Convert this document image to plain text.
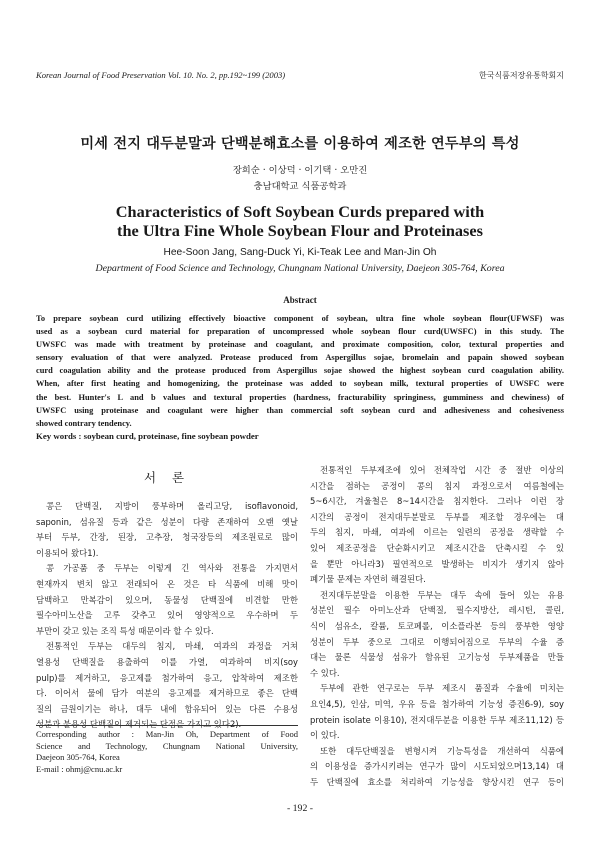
Korean Journal of Food Preservation Vol. 10. No. 2, pp.192~199 (2003)	한국식품저장유통학회지
미세 전지 대두분말과 단백분해효소를 이용하여 제조한 연두부의 특성
장희순 · 이상덕 · 이기택 · 오만진
충남대학교 식품공학과
Characteristics of Soft Soybean Curds prepared with
the Ultra Fine Whole Soybean Flour and Proteinases
Hee-Soon Jang, Sang-Duck Yi, Ki-Teak Lee and Man-Jin Oh
Department of Food Science and Technology, Chungnam National University, Daejeon 305-764, Korea
Abstract
To prepare soybean curd utilizing effectively bioactive component of soybean, ultra fine whole soybean flour(UFWSF) was
used as a soybean curd material for preparation of uncompressed whole soybean flour curd(UWSFC) in this study. The
UWSFC was made with treatment by proteinase and coagulant, and proximate composition, color, textural properties and
sensory evaluation of that were analyzed. Protease produced from Aspergillus sojae, bromelain and papain showed soybean
curd coagulation ability and the protease produced from Aspergillus sojae showed the highest soybean curd coagulation ability.
When, after first heating and homogenizing, the proteinase was added to soybean milk, textural properties of UWSFC were
the best. Hunter's L and b values and textural properties (hardness, fracturability springiness, gumminess and chewiness) of
UWSFC using proteinase and coagulant were higher than commercial soft soybean curd and adhesiveness and cohesiveness
showed contrary tendency.
Key words : soybean curd, proteinase, fine soybean powder
서 론
콩은 단백질, 지방이 풍부하며 올리고당, isoflavonoid,
saponin, 섬유질 등과 같은 성분이 다량 존재하여 오랜 옛날
부터 두부, 간장, 된장, 고추장, 청국장등의 제조원료로 많이
이용되어 왔다1).
콩 가공품 중 두부는 이렇게 긴 역사와 전통을 가지면서
현재까지 변치 않고 전래되어 온 것은 타 식품에 비해 맛이
담백하고 만복감이 있으며, 동물성 단백질에 비견할 만한
필수아미노산을 고루 갖추고 있어 영양적으로 우수하며 두
부만이 갖고 있는 조직 특성 때문이라 할 수 있다.
전통적인 두부는 대두의 침지, 마쇄, 여과의 과정을 거쳐
열용성 단백질을 용출하여 이를 가열, 여과하여 비지(soy
pulp)를 제거하고, 응고제를 첨가하여 응고, 압착하여 제조한
다. 이어서 물에 담가 여분의 응고제를 제거하므로 좋은 단백
질의 금원이기는 하나, 대두 내에 함유되어 있는 다른 수용성
성분과 불용성 단백질이 제거되는 단점을 가지고 있다2).
Corresponding author : Man-Jin Oh, Department of Food
Science and Technology, Chungnam National University,
Daejeon 305-764, Korea
E-mail : ohmj@cnu.ac.kr
전통적인 두부제조에 있어 전체작업 시간 중 절반 이상의
시간을 점하는 공정이 콩의 침지 과정으로서 여름철에는
5~6시간, 겨울철은 8~14시간을 침지한다. 그러나 이런 장
시간의 공정이 전지대두분말로 두부를 제조할 경우에는 대
두의 침지, 마쇄, 여과에 이르는 일련의 공정을 생략할 수
있어 제조공정을 단순화시키고 제조시간을 단축시킬 수 있
을 뿐만 아니라3) 필연적으로 발생하는 비지가 생기지 않아
폐기물 문제는 자연히 해결된다.
전지대두분말을 이용한 두부는 대두 속에 들어 있는 유용
성분인 필수 아미노산과 단백질, 필수지방산, 레시틴, 콜린,
식이 섬유소, 칼륨, 토코페롤, 이소플라본 등의 풍부한 영양
성분이 두부 중으로 그대로 이행되어짐으로 두부의 수율 증
대는 물론 식물성 섬유가 함유된 고기능성 두부제품을 만들
수 있다.
두부에 관한 연구로는 두부 제조시 품질과 수율에 미치는
요인4,5), 인삼, 미역, 우유 등을 첨가하여 기능성 증진6-9), soy
protein isolate 이용10), 전지대두분을 이용한 두부 제조11,12) 등
이 있다.
또한 대두단백질을 변형시켜 기능특성을 개선하여 식품에
의 이용성을 증가시키려는 연구가 많이 시도되었으며13,14) 대
두 단백질에 효소를 처리하여 기능성을 향상시킨 연구 등이
- 192 -
